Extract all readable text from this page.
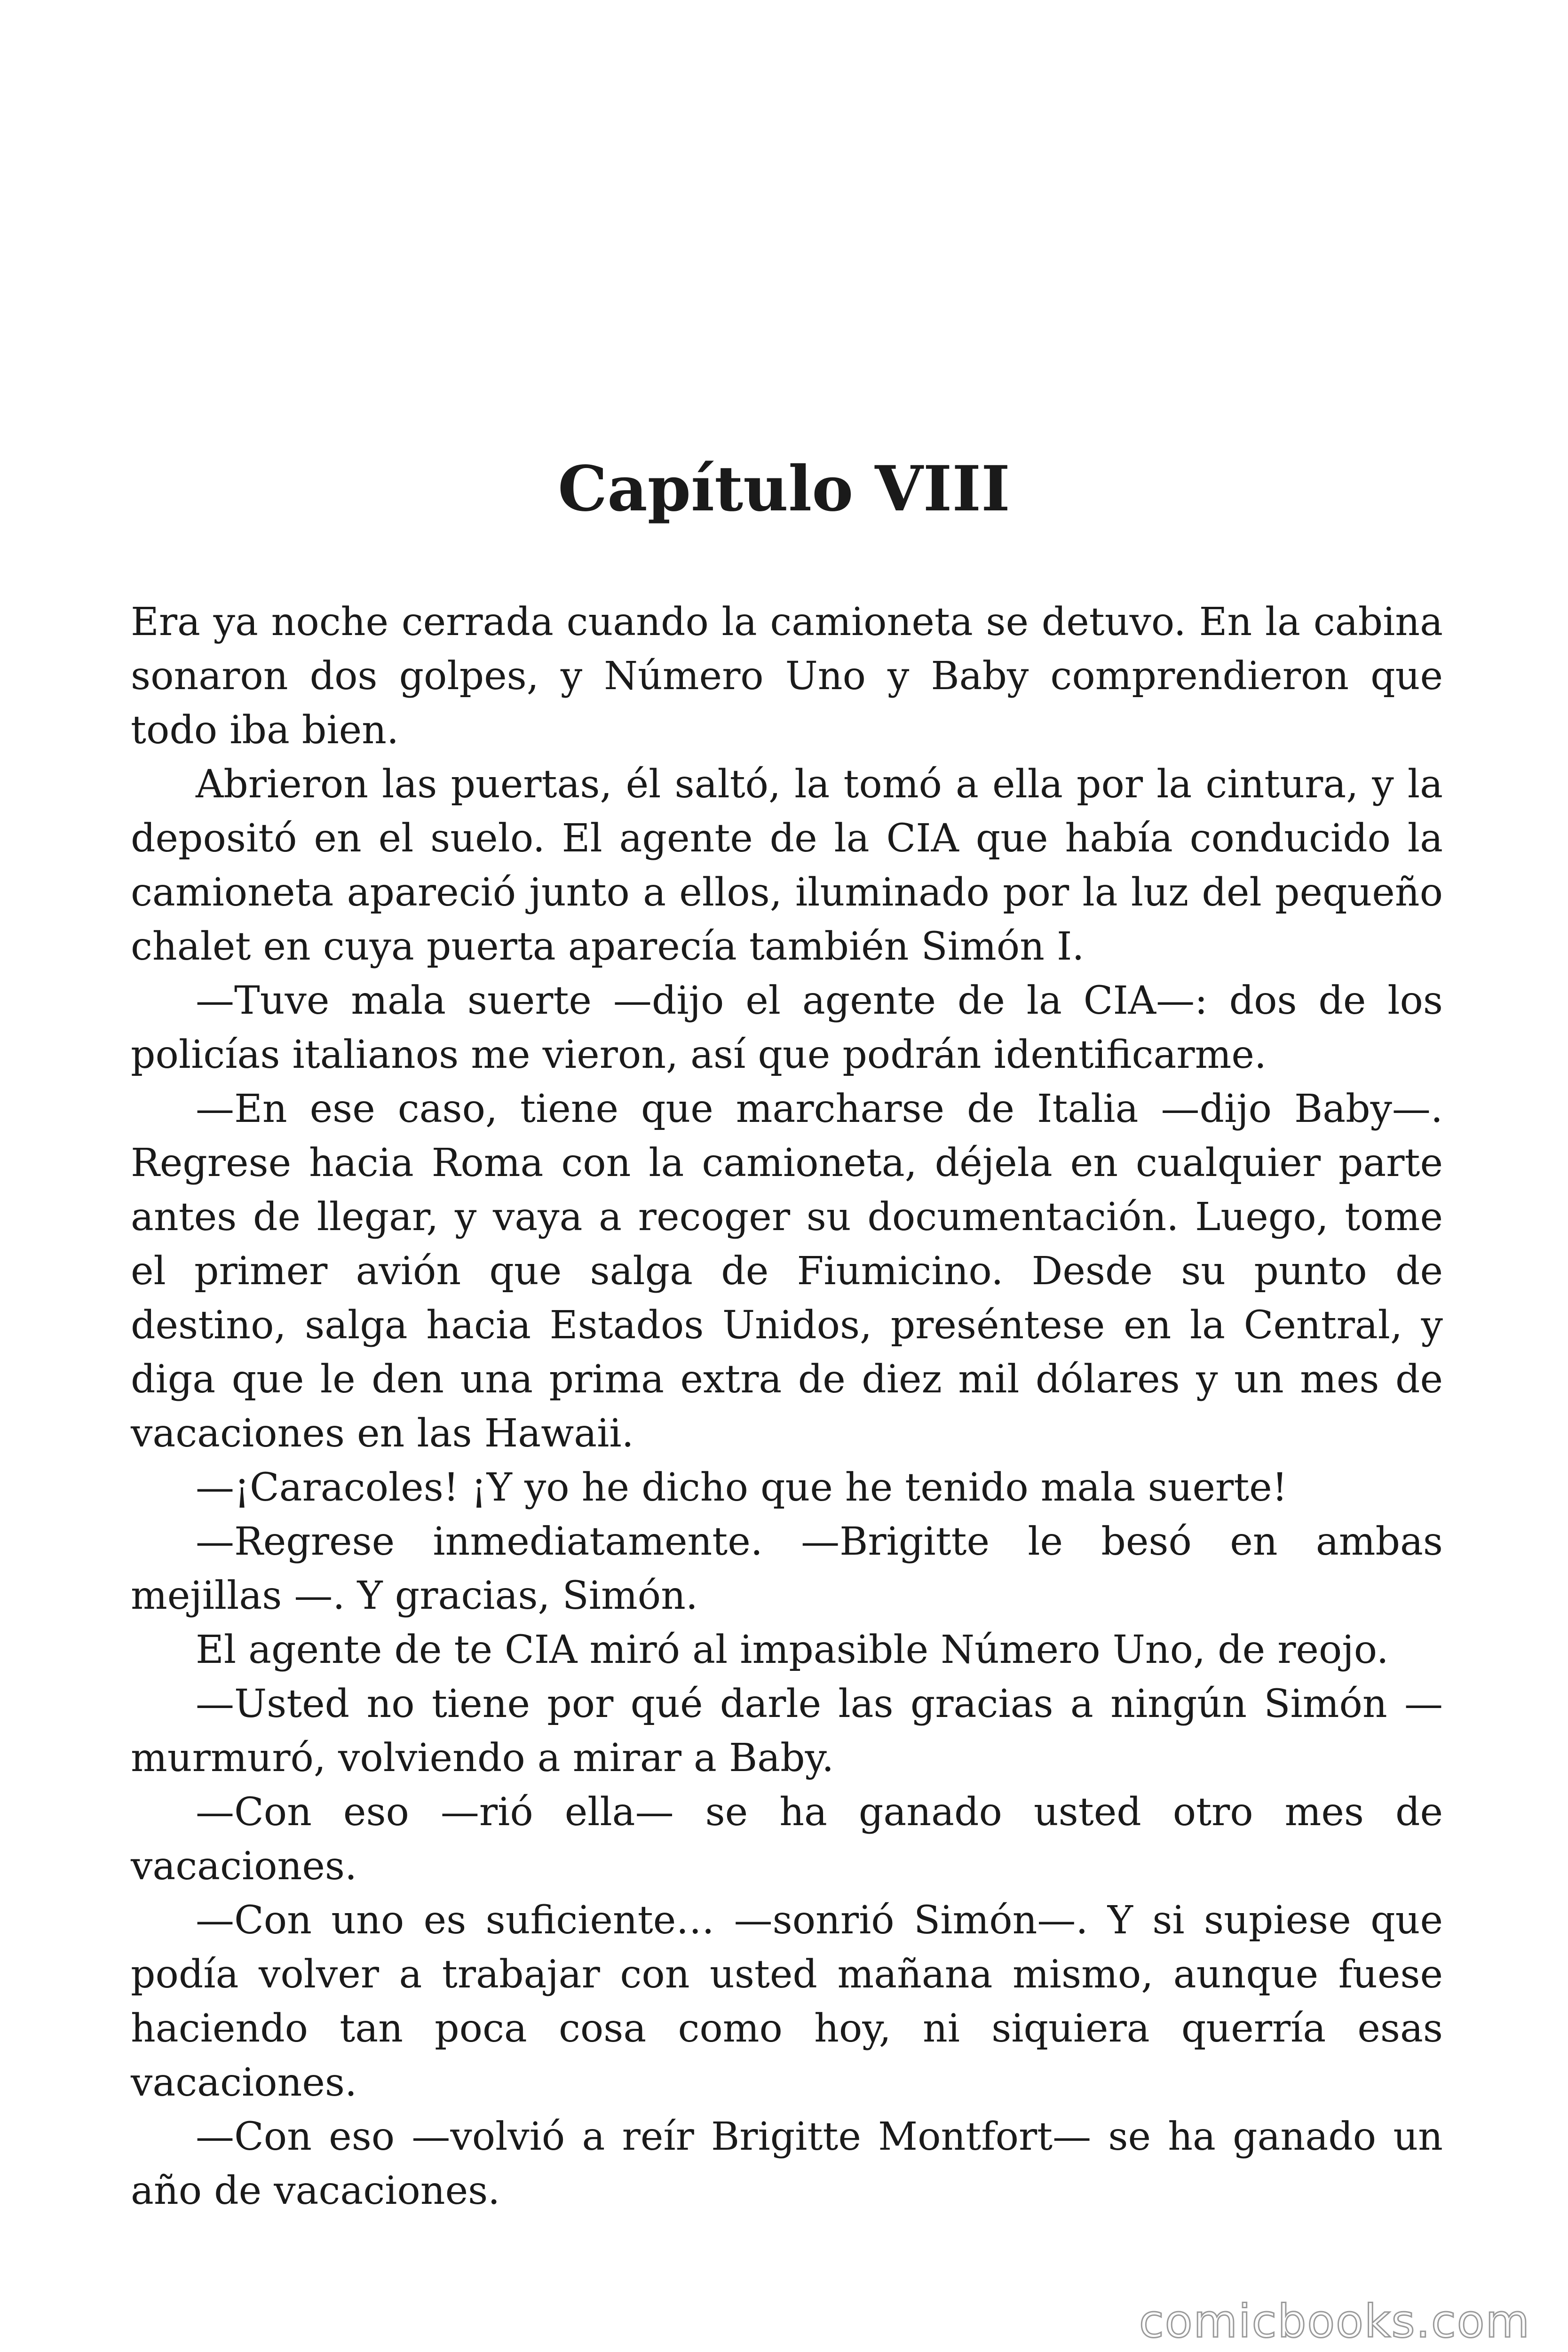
Capítulo VIII

Era ya noche cerrada cuando la camioneta se detuvo. En la cabina sonaron dos golpes, y Número Uno y Baby comprendieron que todo iba bien.

Abrieron las puertas, él saltó, la tomó a ella por la cintura, y la depositó en el suelo. El agente de la CIA que había conducido la camioneta apareció junto a ellos, iluminado por la luz del pequeño chalet en cuya puerta aparecía también Simón I.

—Tuve mala suerte —dijo el agente de la CIA—: dos de los policías italianos me vieron, así que podrán identificarme.

—En ese caso, tiene que marcharse de Italia —dijo Baby—. Regrese hacia Roma con la camioneta, déjela en cualquier parte antes de llegar, y vaya a recoger su documentación. Luego, tome el primer avión que salga de Fiumicino. Desde su punto de destino, salga hacia Estados Unidos, preséntese en la Central, y diga que le den una prima extra de diez mil dólares y un mes de vacaciones en las Hawaii.

—¡Caracoles! ¡Y yo he dicho que he tenido mala suerte!

—Regrese inmediatamente. —Brigitte le besó en ambas mejillas —. Y gracias, Simón.

El agente de te CIA miró al impasible Número Uno, de reojo.

—Usted no tiene por qué darle las gracias a ningún Simón —murmuró, volviendo a mirar a Baby.

—Con eso —rió ella— se ha ganado usted otro mes de vacaciones.

—Con uno es suficiente… —sonrió Simón—. Y si supiese que podía volver a trabajar con usted mañana mismo, aunque fuese haciendo tan poca cosa como hoy, ni siquiera querría esas vacaciones.

—Con eso —volvió a reír Brigitte Montfort— se ha ganado un año de vacaciones.

comicbooks.com
